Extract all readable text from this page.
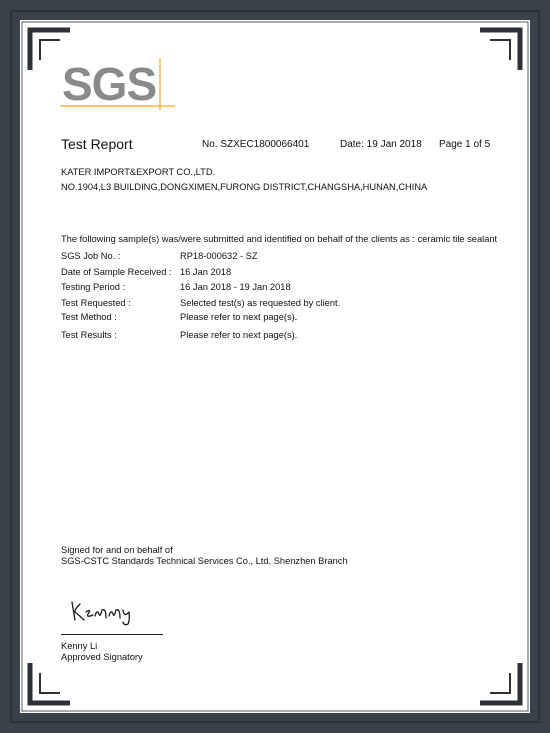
SGS
Test Report	No. SZXEC1800066401	Date: 19 Jan 2018 Page 1 of 5
KATER IMPORT&EXPORT CO.,LTD.
NO.1904,L3 BUILDING,DONGXIMEN,FURONG DISTRICT,CHANGSHA,HUNAN,CHINA
The following sample(s) was/were submitted and identified on behalf of the clients as : ceramic tile sealant
SGS Job No. :	RP18-000632 - SZ
Date of Sample Received : 16 Jan 2018
Testing Period :	16 Jan 2018 - 19 Jan 2018
Test Requested :	Selected test(s) as requested by client.
Test Method :	Please refer to next page(s).
Test Results :	Please refer to next page(s).
Signed for and on behalf of
SGS-CSTC Standards Technical Services Co., Ltd. Shenzhen Branch
Kenny Li
Approved Signatory
